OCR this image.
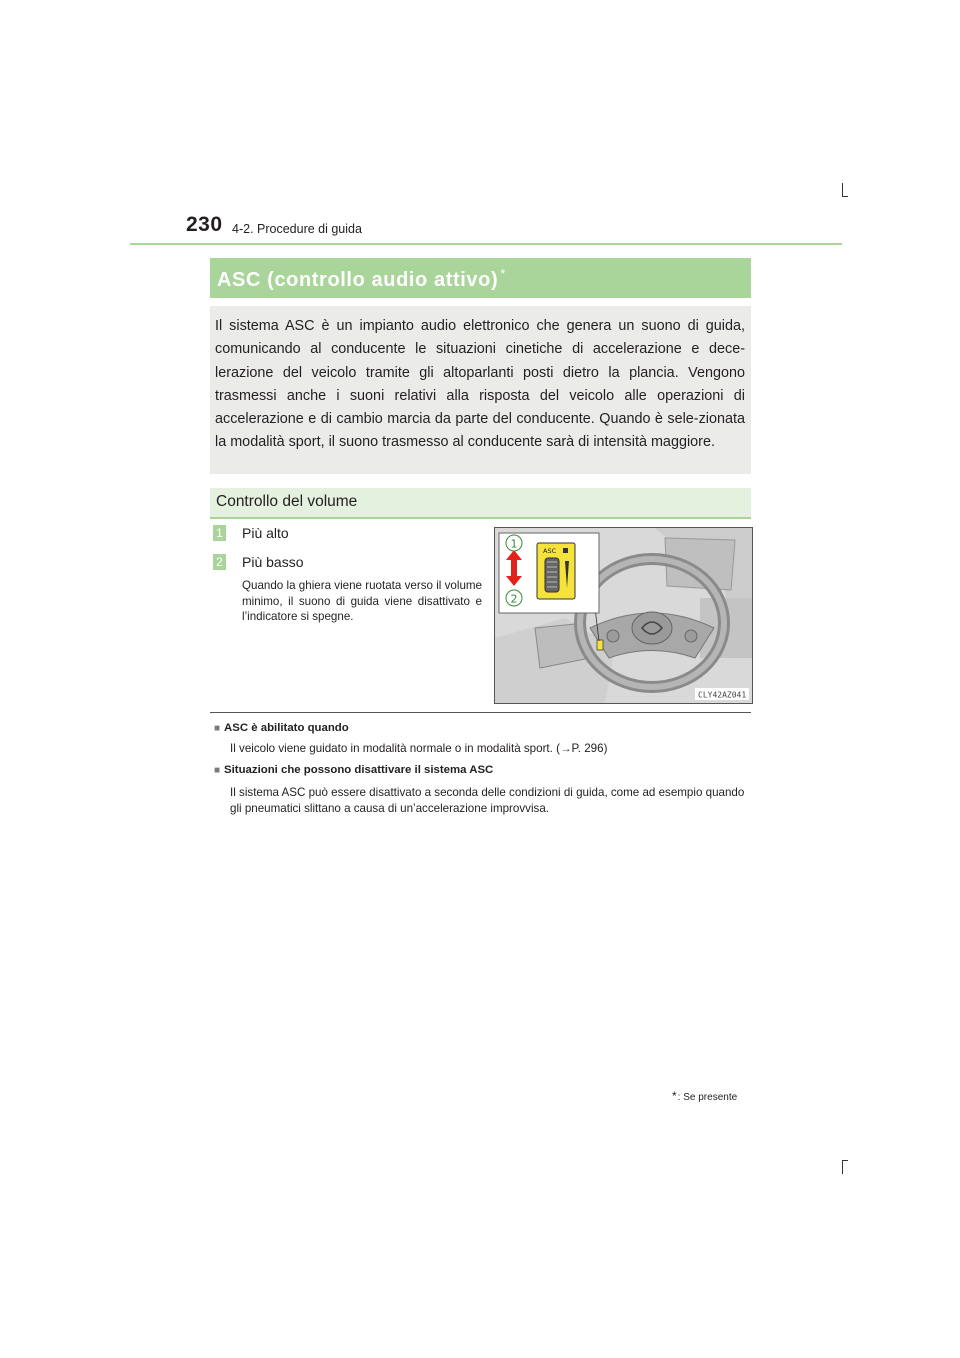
230 4-2. Procedure di guida
ASC (controllo audio attivo) *
Il sistema ASC è un impianto audio elettronico che genera un suono di guida, comunicando al conducente le situazioni cinetiche di accelerazione e dece-lerazione del veicolo tramite gli altoparlanti posti dietro la plancia. Vengono trasmessi anche i suoni relativi alla risposta del veicolo alle operazioni di accelerazione e di cambio marcia da parte del conducente. Quando è sele-zionata la modalità sport, il suono trasmesso al conducente sarà di intensità maggiore.
Controllo del volume
1 Più alto
2 Più basso
Quando la ghiera viene ruotata verso il volume minimo, il suono di guida viene disattivato e l’indicatore si spegne.
ASC
1
2
CLY42AZ041
■ ASC è abilitato quando
Il veicolo viene guidato in modalità normale o in modalità sport. (→P. 296)
■ Situazioni che possono disattivare il sistema ASC
Il sistema ASC può essere disattivato a seconda delle condizioni di guida, come ad esempio quando gli pneumatici slittano a causa di un’accelerazione improvvisa.
*: Se presente
